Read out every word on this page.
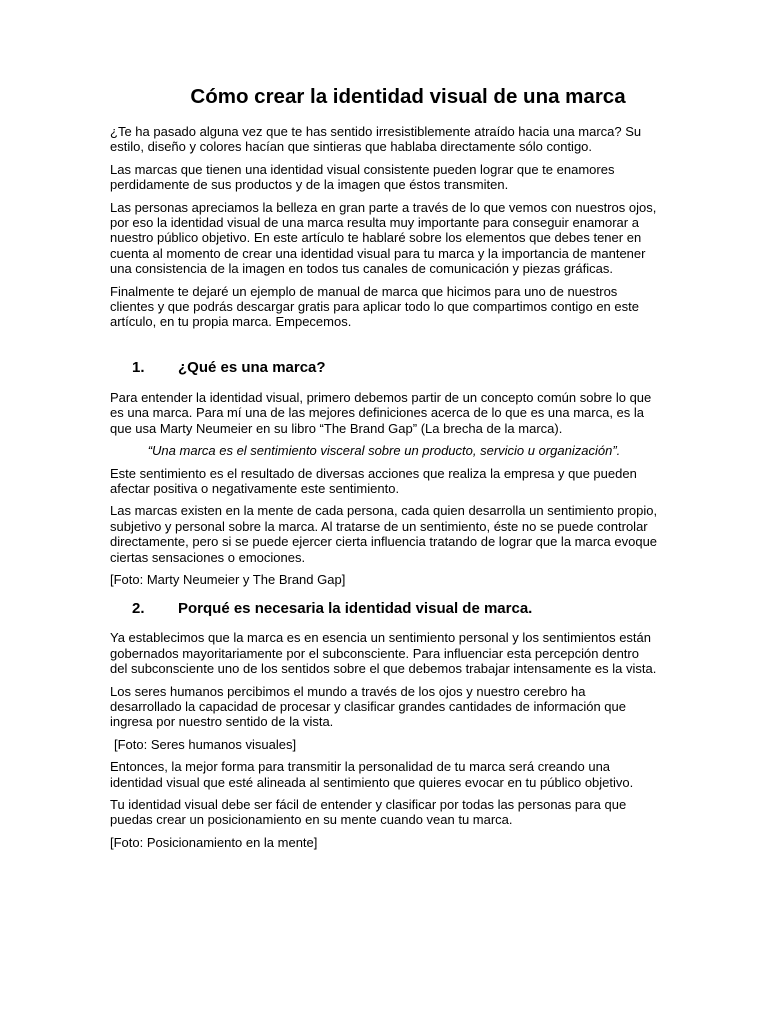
Cómo crear la identidad visual de una marca

¿Te ha pasado alguna vez que te has sentido irresistiblemente atraído hacia una marca? Su estilo, diseño y colores hacían que sintieras que hablaba directamente sólo contigo.

Las marcas que tienen una identidad visual consistente pueden lograr que te enamores perdidamente de sus productos y de la imagen que éstos transmiten.

Las personas apreciamos la belleza en gran parte a través de lo que vemos con nuestros ojos, por eso la identidad visual de una marca resulta muy importante para conseguir enamorar a nuestro público objetivo. En este artículo te hablaré sobre los elementos que debes tener en cuenta al momento de crear una identidad visual para tu marca y la importancia de mantener una consistencia de la imagen en todos tus canales de comunicación y piezas gráficas.

Finalmente te dejaré un ejemplo de manual de marca que hicimos para uno de nuestros clientes y que podrás descargar gratis para aplicar todo lo que compartimos contigo en este artículo, en tu propia marca. Empecemos.

1.	¿Qué es una marca?

Para entender la identidad visual, primero debemos partir de un concepto común sobre lo que es una marca. Para mí una de las mejores definiciones acerca de lo que es una marca, es la que usa Marty Neumeier en su libro “The Brand Gap” (La brecha de la marca).

“Una marca es el sentimiento visceral sobre un producto, servicio u organización”.

Este sentimiento es el resultado de diversas acciones que realiza la empresa y que pueden afectar positiva o negativamente este sentimiento.

Las marcas existen en la mente de cada persona, cada quien desarrolla un sentimiento propio, subjetivo y personal sobre la marca. Al tratarse de un sentimiento, éste no se puede controlar directamente, pero si se puede ejercer cierta influencia tratando de lograr que la marca evoque ciertas sensaciones o emociones.

[Foto: Marty Neumeier y The Brand Gap]

2.	Porqué es necesaria la identidad visual de marca.

Ya establecimos que la marca es en esencia un sentimiento personal y los sentimientos están gobernados mayoritariamente por el subconsciente. Para influenciar esta percepción dentro del subconsciente uno de los sentidos sobre el que debemos trabajar intensamente es la vista.

Los seres humanos percibimos el mundo a través de los ojos y nuestro cerebro ha desarrollado la capacidad de procesar y clasificar grandes cantidades de información que ingresa por nuestro sentido de la vista.

[Foto: Seres humanos visuales]

Entonces, la mejor forma para transmitir la personalidad de tu marca será creando una identidad visual que esté alineada al sentimiento que quieres evocar en tu público objetivo.

Tu identidad visual debe ser fácil de entender y clasificar por todas las personas para que puedas crear un posicionamiento en su mente cuando vean tu marca.

[Foto: Posicionamiento en la mente]
